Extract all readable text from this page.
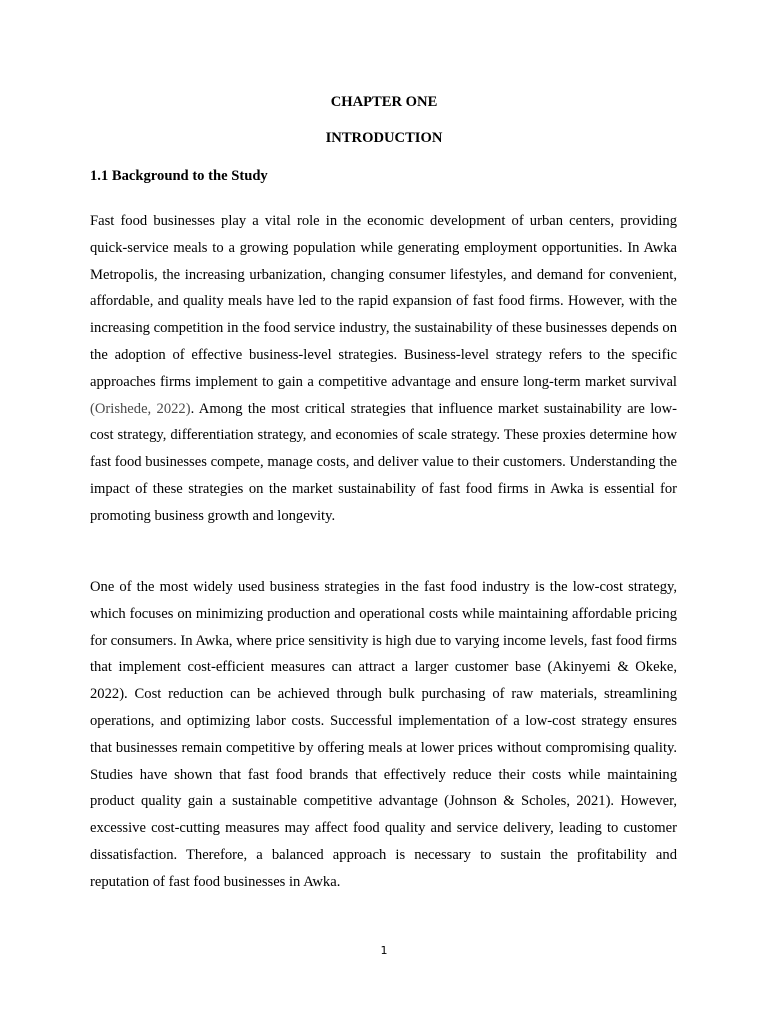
CHAPTER ONE
INTRODUCTION
1.1 Background to the Study

Fast food businesses play a vital role in the economic development of urban centers, providing quick-service meals to a growing population while generating employment opportunities. In Awka Metropolis, the increasing urbanization, changing consumer lifestyles, and demand for convenient, affordable, and quality meals have led to the rapid expansion of fast food firms. However, with the increasing competition in the food service industry, the sustainability of these businesses depends on the adoption of effective business-level strategies. Business-level strategy refers to the specific approaches firms implement to gain a competitive advantage and ensure long-term market survival (Orishede, 2022). Among the most critical strategies that influence market sustainability are low-cost strategy, differentiation strategy, and economies of scale strategy. These proxies determine how fast food businesses compete, manage costs, and deliver value to their customers. Understanding the impact of these strategies on the market sustainability of fast food firms in Awka is essential for promoting business growth and longevity.

One of the most widely used business strategies in the fast food industry is the low-cost strategy, which focuses on minimizing production and operational costs while maintaining affordable pricing for consumers. In Awka, where price sensitivity is high due to varying income levels, fast food firms that implement cost-efficient measures can attract a larger customer base (Akinyemi & Okeke, 2022). Cost reduction can be achieved through bulk purchasing of raw materials, streamlining operations, and optimizing labor costs. Successful implementation of a low-cost strategy ensures that businesses remain competitive by offering meals at lower prices without compromising quality. Studies have shown that fast food brands that effectively reduce their costs while maintaining product quality gain a sustainable competitive advantage (Johnson & Scholes, 2021). However, excessive cost-cutting measures may affect food quality and service delivery, leading to customer dissatisfaction. Therefore, a balanced approach is necessary to sustain the profitability and reputation of fast food businesses in Awka.

1
